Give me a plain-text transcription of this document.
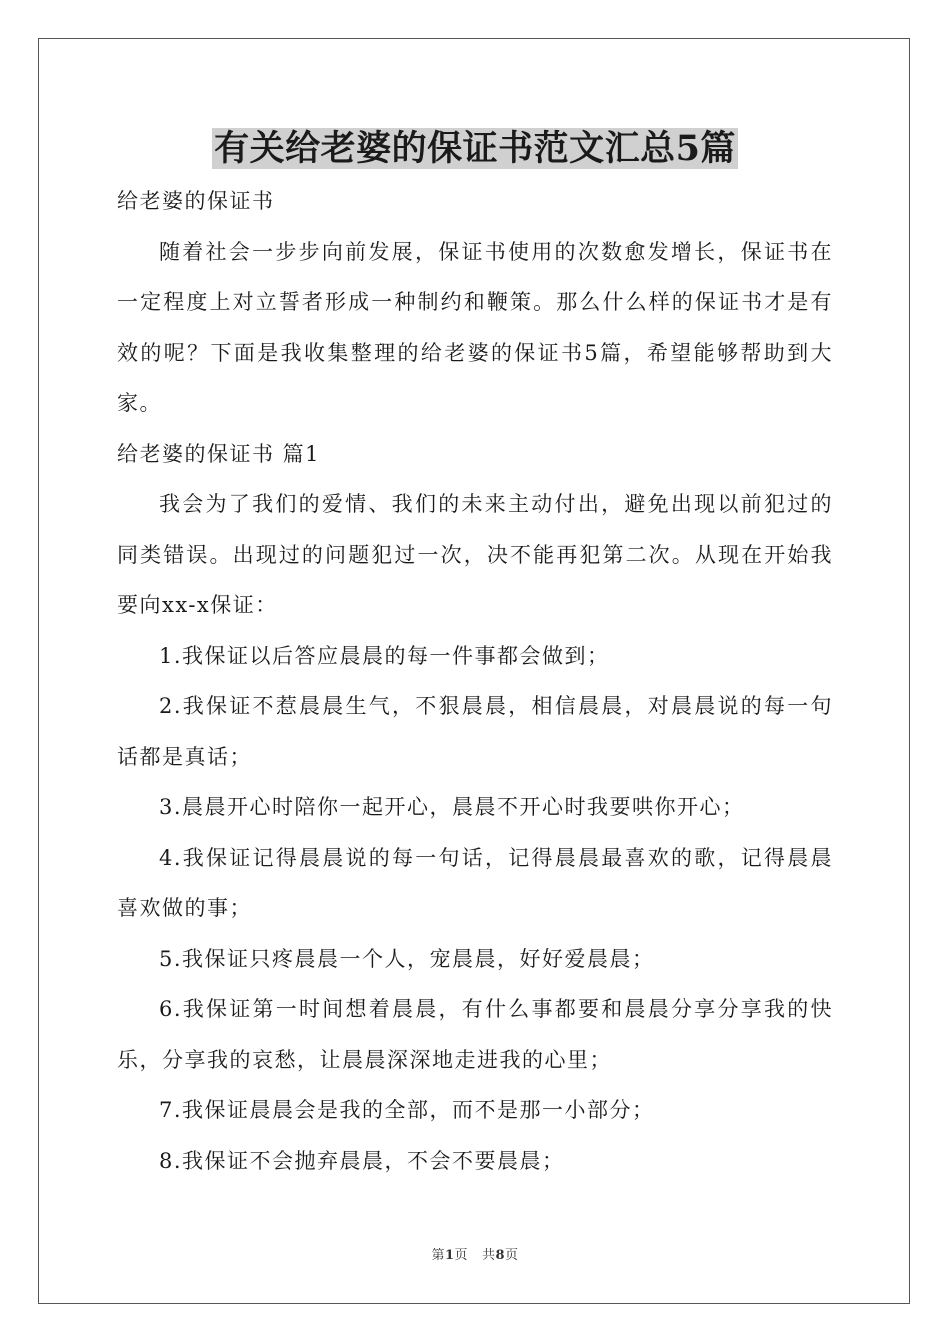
有关给老婆的保证书范文汇总5篇

给老婆的保证书

随着社会一步步向前发展，保证书使用的次数愈发增长，保证书在一定程度上对立誓者形成一种制约和鞭策。那么什么样的保证书才是有效的呢？下面是我收集整理的给老婆的保证书5篇，希望能够帮助到大家。

给老婆的保证书 篇1

我会为了我们的爱情、我们的未来主动付出，避免出现以前犯过的同类错误。出现过的问题犯过一次，决不能再犯第二次。从现在开始我要向xx-x保证：

1.我保证以后答应晨晨的每一件事都会做到；

2.我保证不惹晨晨生气，不狠晨晨，相信晨晨，对晨晨说的每一句话都是真话；

3.晨晨开心时陪你一起开心，晨晨不开心时我要哄你开心；

4.我保证记得晨晨说的每一句话，记得晨晨最喜欢的歌，记得晨晨喜欢做的事；

5.我保证只疼晨晨一个人，宠晨晨，好好爱晨晨；

6.我保证第一时间想着晨晨，有什么事都要和晨晨分享分享我的快乐，分享我的哀愁，让晨晨深深地走进我的心里；

7.我保证晨晨会是我的全部，而不是那一小部分；

8.我保证不会抛弃晨晨，不会不要晨晨；

第1页   共8页
